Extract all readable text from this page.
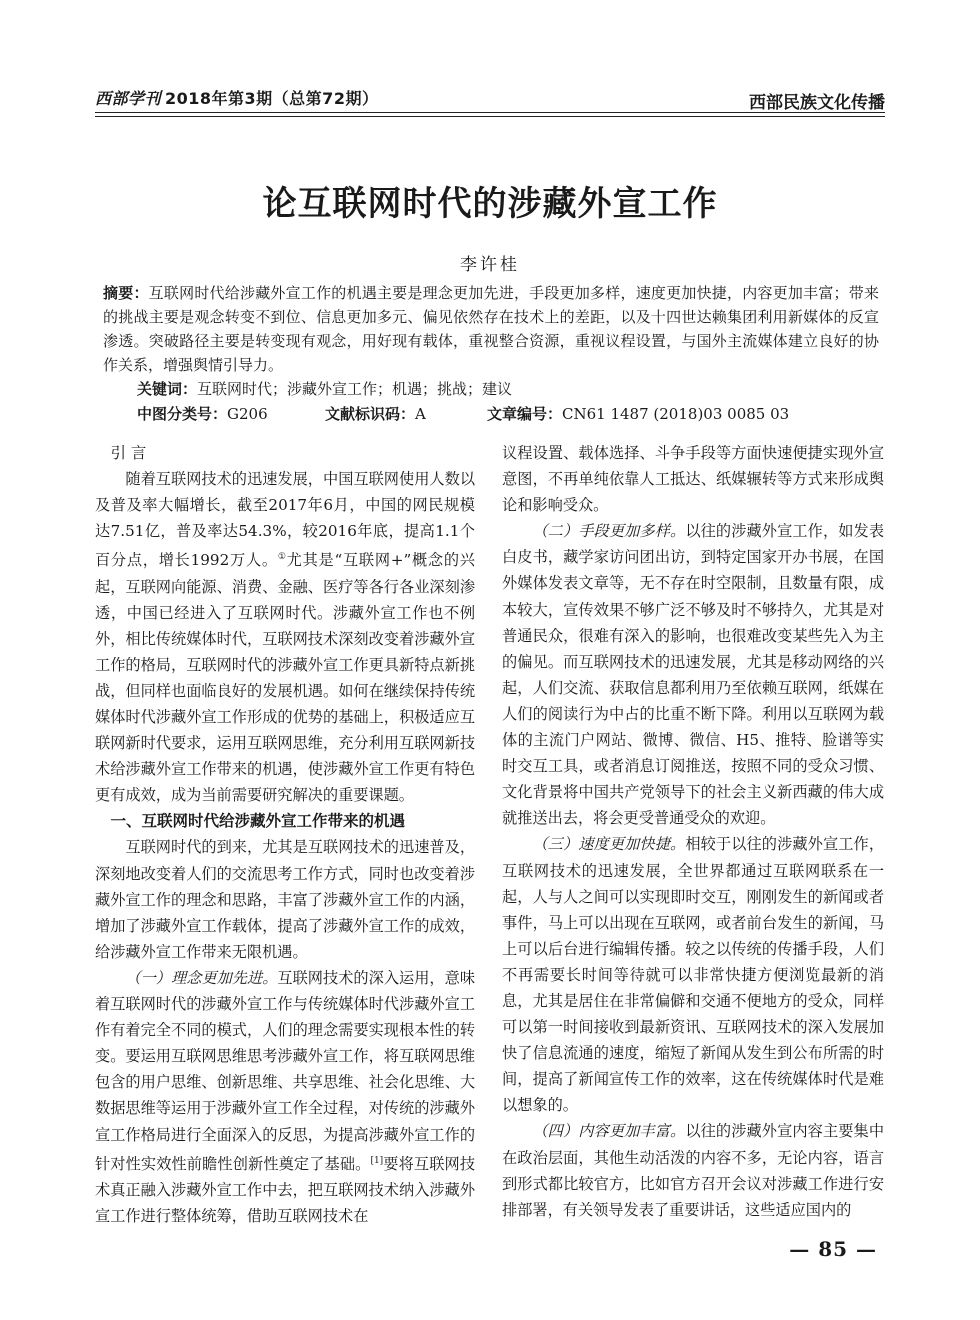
西部学刊 2018年第3期（总第72期）	西部民族文化传播
论互联网时代的涉藏外宣工作
李许桂
摘要：互联网时代给涉藏外宣工作的机遇主要是理念更加先进，手段更加多样，速度更加快捷，内容更加丰富；带来的挑战主要是观念转变不到位、信息更加多元、偏见依然存在技术上的差距，以及十四世达赖集团利用新媒体的反宣渗透。突破路径主要是转变现有观念，用好现有载体，重视整合资源，重视议程设置，与国外主流媒体建立良好的协作关系，增强舆情引导力。
关键词：互联网时代；涉藏外宣工作；机遇；挑战；建议
中图分类号：G206	文献标识码：A	文章编号：CN61 1487 (2018)03 0085 03
引 言

随着互联网技术的迅速发展，中国互联网使用人数以及普及率大幅增长，截至2017年6月，中国的网民规模达7.51亿，普及率达54.3%，较2016年底，提高1.1个百分点，增长1992万人。①尤其是“互联网+”概念的兴起，互联网向能源、消费、金融、医疗等各行各业深刻渗透，中国已经进入了互联网时代。涉藏外宣工作也不例外，相比传统媒体时代，互联网技术深刻改变着涉藏外宣工作的格局，互联网时代的涉藏外宣工作更具新特点新挑战，但同样也面临良好的发展机遇。如何在继续保持传统媒体时代涉藏外宣工作形成的优势的基础上，积极适应互联网新时代要求，运用互联网思维，充分利用互联网新技术给涉藏外宣工作带来的机遇，使涉藏外宣工作更有特色更有成效，成为当前需要研究解决的重要课题。

一、互联网时代给涉藏外宣工作带来的机遇

互联网时代的到来，尤其是互联网技术的迅速普及，深刻地改变着人们的交流思考工作方式，同时也改变着涉藏外宣工作的理念和思路，丰富了涉藏外宣工作的内涵，增加了涉藏外宣工作载体，提高了涉藏外宣工作的成效，给涉藏外宣工作带来无限机遇。

（一）理念更加先进。互联网技术的深入运用，意味着互联网时代的涉藏外宣工作与传统媒体时代涉藏外宣工作有着完全不同的模式，人们的理念需要实现根本性的转变。要运用互联网思维思考涉藏外宣工作，将互联网思维包含的用户思维、创新思维、共享思维、社会化思维、大数据思维等运用于涉藏外宣工作全过程，对传统的涉藏外宣工作格局进行全面深入的反思，为提高涉藏外宣工作的针对性实效性前瞻性创新性奠定了基础。[1]要将互联网技术真正融入涉藏外宣工作中去，把互联网技术纳入涉藏外宣工作进行整体统筹，借助互联网技术在

议程设置、载体选择、斗争手段等方面快速便捷实现外宣意图，不再单纯依靠人工抵达、纸媒辗转等方式来形成舆论和影响受众。

（二）手段更加多样。以往的涉藏外宣工作，如发表白皮书，藏学家访问团出访，到特定国家开办书展，在国外媒体发表文章等，无不存在时空限制，且数量有限，成本较大，宣传效果不够广泛不够及时不够持久，尤其是对普通民众，很难有深入的影响，也很难改变某些先入为主的偏见。而互联网技术的迅速发展，尤其是移动网络的兴起，人们交流、获取信息都利用乃至依赖互联网，纸媒在人们的阅读行为中占的比重不断下降。利用以互联网为载体的主流门户网站、微博、微信、H5、推特、脸谱等实时交互工具，或者消息订阅推送，按照不同的受众习惯、文化背景将中国共产党领导下的社会主义新西藏的伟大成就推送出去，将会更受普通受众的欢迎。

（三）速度更加快捷。相较于以往的涉藏外宣工作，互联网技术的迅速发展，全世界都通过互联网联系在一起，人与人之间可以实现即时交互，刚刚发生的新闻或者事件，马上可以出现在互联网，或者前台发生的新闻，马上可以后台进行编辑传播。较之以传统的传播手段，人们不再需要长时间等待就可以非常快捷方便浏览最新的消息，尤其是居住在非常偏僻和交通不便地方的受众，同样可以第一时间接收到最新资讯、互联网技术的深入发展加快了信息流通的速度，缩短了新闻从发生到公布所需的时间，提高了新闻宣传工作的效率，这在传统媒体时代是难以想象的。

（四）内容更加丰富。以往的涉藏外宣内容主要集中在政治层面，其他生动活泼的内容不多，无论内容，语言到形式都比较官方，比如官方召开会议对涉藏工作进行安排部署，有关领导发表了重要讲话，这些适应国内的

— 85 —
